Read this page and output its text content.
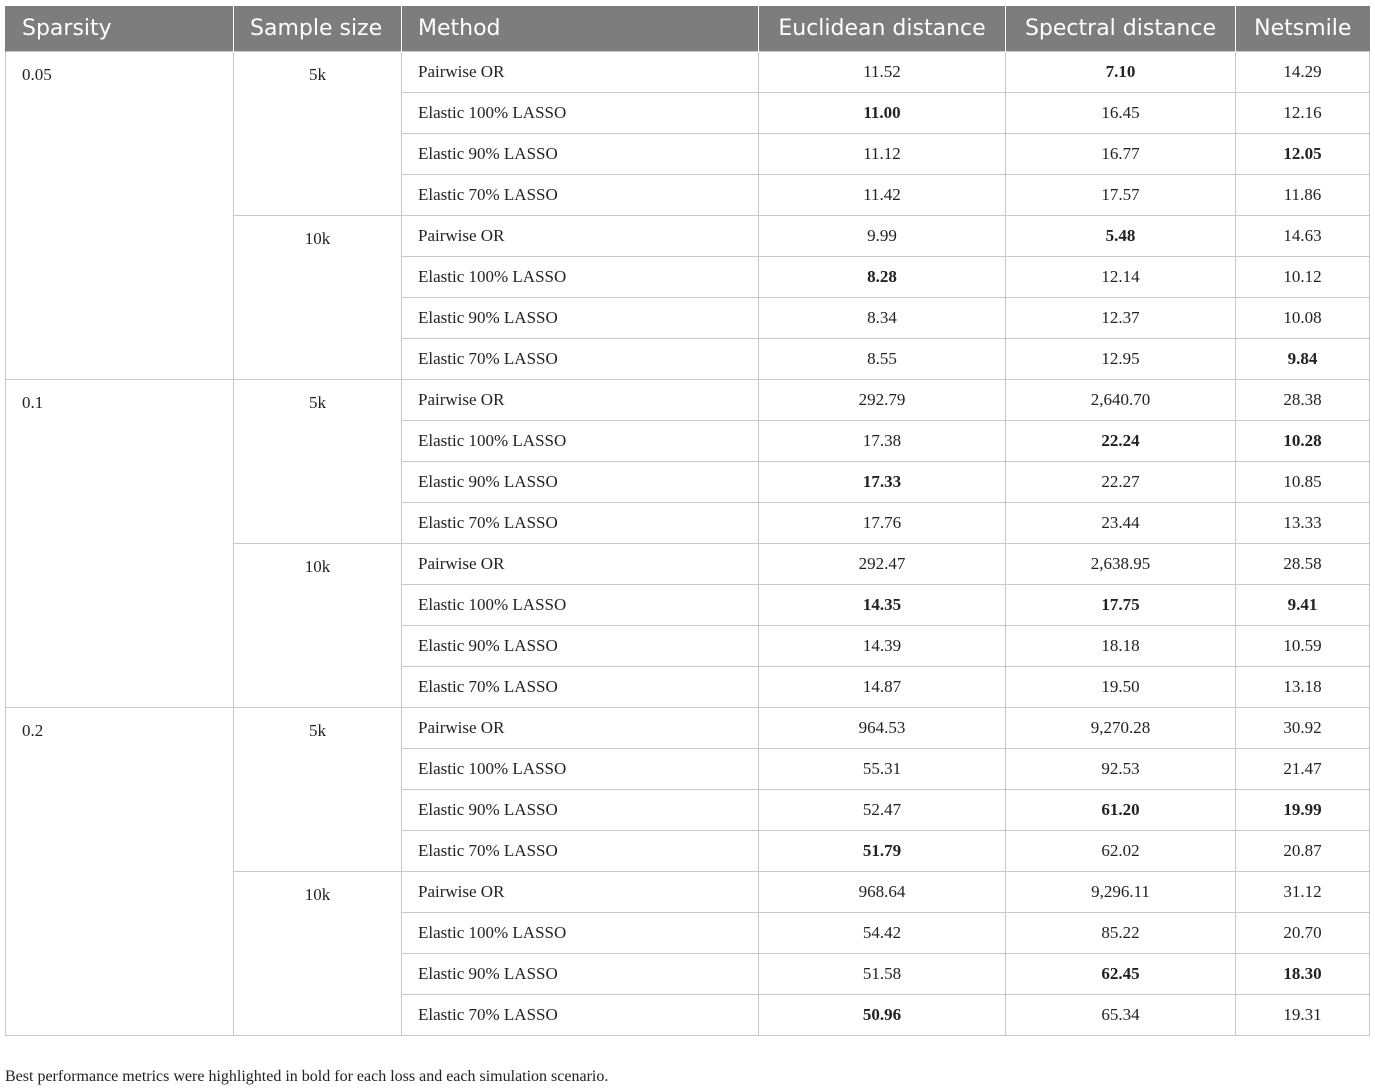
Sparsity	Sample size	Method	Euclidean distance	Spectral distance	Netsmile
0.05	5k	Pairwise OR	11.52	7.10	14.29
		Elastic 100% LASSO	11.00	16.45	12.16
		Elastic 90% LASSO	11.12	16.77	12.05
		Elastic 70% LASSO	11.42	17.57	11.86
	10k	Pairwise OR	9.99	5.48	14.63
		Elastic 100% LASSO	8.28	12.14	10.12
		Elastic 90% LASSO	8.34	12.37	10.08
		Elastic 70% LASSO	8.55	12.95	9.84
0.1	5k	Pairwise OR	292.79	2,640.70	28.38
		Elastic 100% LASSO	17.38	22.24	10.28
		Elastic 90% LASSO	17.33	22.27	10.85
		Elastic 70% LASSO	17.76	23.44	13.33
	10k	Pairwise OR	292.47	2,638.95	28.58
		Elastic 100% LASSO	14.35	17.75	9.41
		Elastic 90% LASSO	14.39	18.18	10.59
		Elastic 70% LASSO	14.87	19.50	13.18
0.2	5k	Pairwise OR	964.53	9,270.28	30.92
		Elastic 100% LASSO	55.31	92.53	21.47
		Elastic 90% LASSO	52.47	61.20	19.99
		Elastic 70% LASSO	51.79	62.02	20.87
	10k	Pairwise OR	968.64	9,296.11	31.12
		Elastic 100% LASSO	54.42	85.22	20.70
		Elastic 90% LASSO	51.58	62.45	18.30
		Elastic 70% LASSO	50.96	65.34	19.31
Best performance metrics were highlighted in bold for each loss and each simulation scenario.
